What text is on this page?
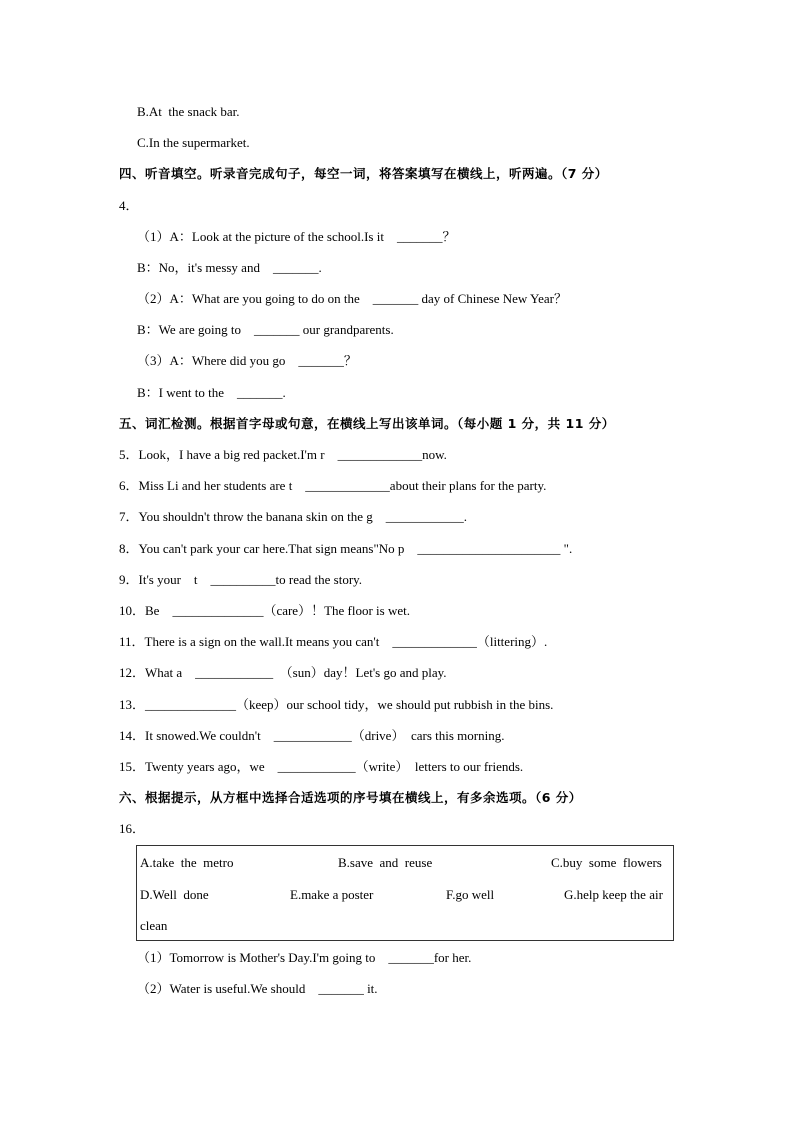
B.At  the snack bar.
C.In the supermarket.
四、听音填空。听录音完成句子，每空一词，将答案填写在横线上，听两遍。（7 分）
4．
（1）A：Look at the picture of the school.Is it    _______？
B：No，it's messy and    _______.
（2）A：What are you going to do on the    _______ day of Chinese New Year？
B：We are going to    _______ our grandparents.
（3）A：Where did you go    _______？
B：I went to the    _______.
五、词汇检测。根据首字母或句意，在横线上写出该单词。（每小题 1 分，共 11 分）
5．Look，I have a big red packet.I'm r    _____________now.
6．Miss Li and her students are t    _____________about their plans for the party.
7．You shouldn't throw the banana skin on the g    ____________.
8．You can't park your car here.That sign means"No p    ______________________ ".
9．It's your    t    __________to read the story.
10．Be    ______________（care）！The floor is wet.
11．There is a sign on the wall.It means you can't    _____________（littering）.
12．What a    ____________  （sun）day！Let's go and play.
13．______________（keep）our school tidy，we should put rubbish in the bins.
14．It snowed.We couldn't    ____________（drive）  cars this morning.
15．Twenty years ago，we    ____________（write）  letters to our friends.
六、根据提示，从方框中选择合适选项的序号填在横线上，有多余选项。（6 分）
16．
A.take  the  metro	B.save  and  reuse	C.buy  some  flowers
D.Well  done	E.make a poster	F.go well	G.help keep the air
clean
（1）Tomorrow is Mother's Day.I'm going to    _______for her.
（2）Water is useful.We should    _______ it.
